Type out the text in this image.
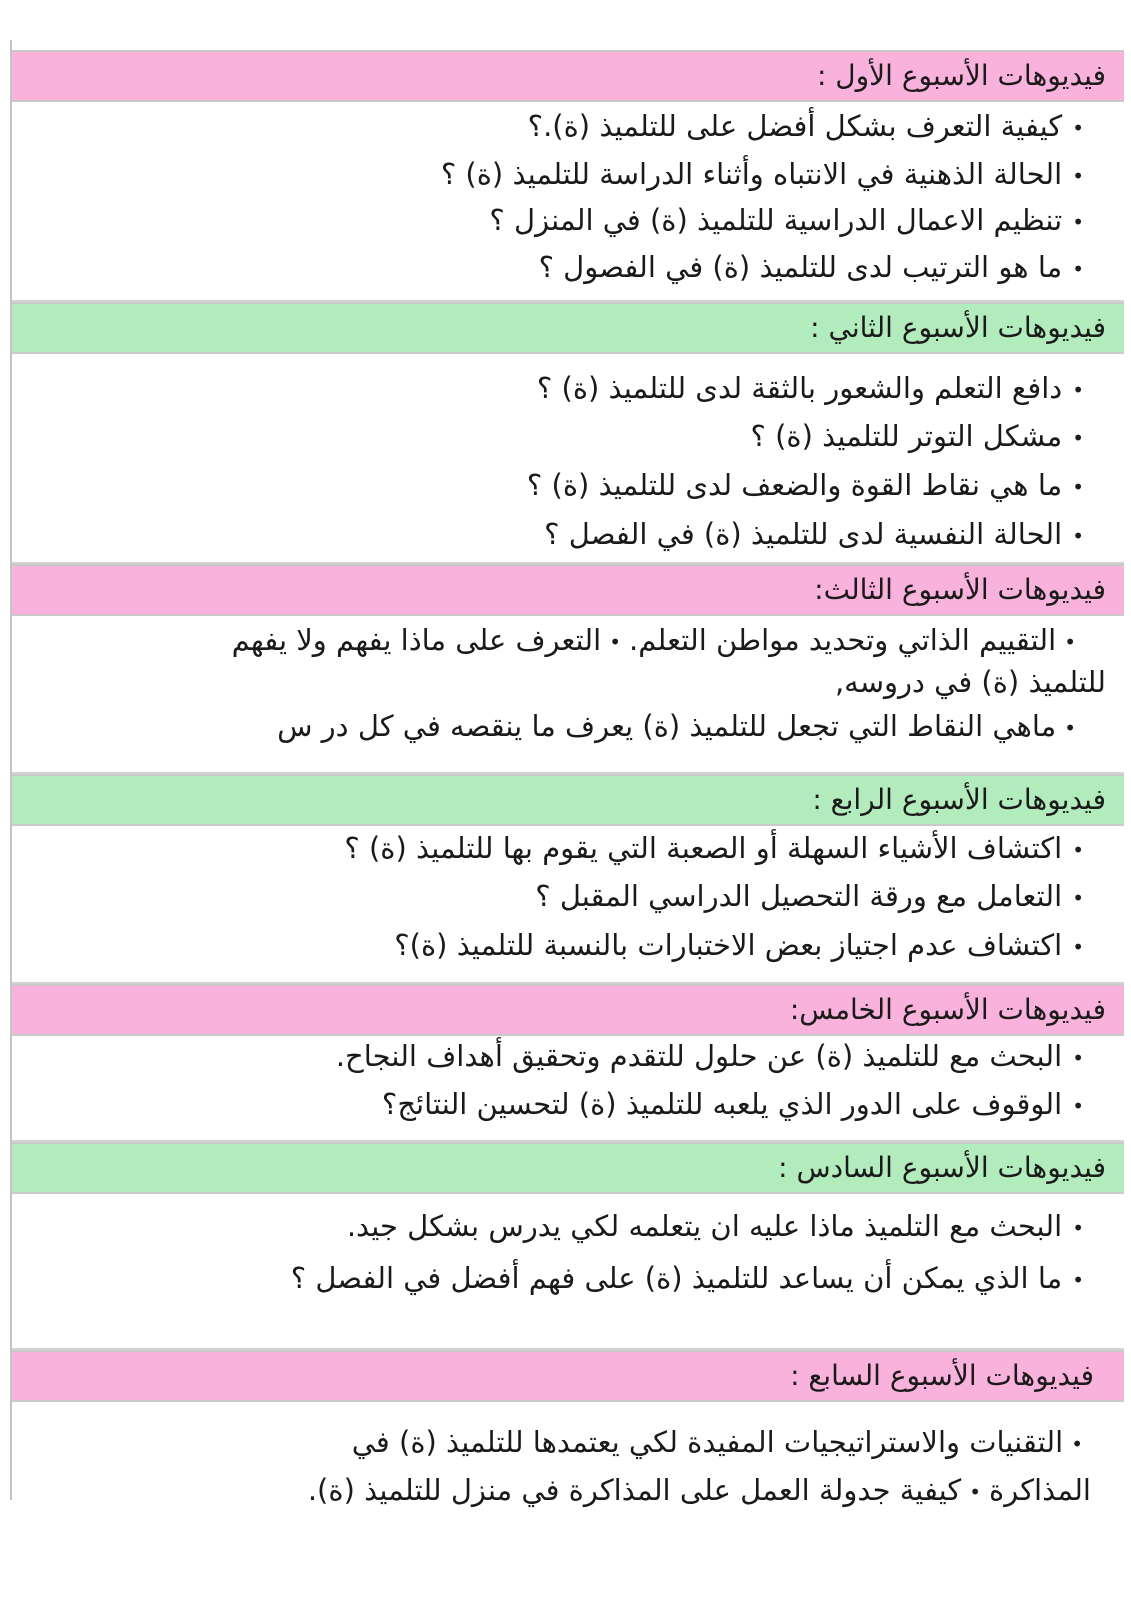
فيديوهات الأسبوع الأول :
•كيفية التعرف بشكل أفضل على للتلميذ (ة).؟
•الحالة الذهنية في الانتباه وأثناء الدراسة للتلميذ (ة) ؟
•تنظيم الاعمال الدراسية للتلميذ (ة) في المنزل ؟
•ما هو الترتيب لدى للتلميذ (ة) في الفصول ؟
فيديوهات الأسبوع الثاني :
•دافع التعلم والشعور بالثقة لدى للتلميذ (ة) ؟
•مشكل التوتر للتلميذ (ة) ؟
•ما هي نقاط القوة والضعف لدى للتلميذ (ة) ؟
•الحالة النفسية لدى للتلميذ (ة) في الفصل ؟
فيديوهات الأسبوع الثالث:
•التقييم الذاتي وتحديد مواطن التعلم.•التعرف على ماذا يفهم ولا يفهم
للتلميذ (ة) في دروسه,
•ماهي النقاط التي تجعل للتلميذ (ة) يعرف ما ينقصه في كل در س
فيديوهات الأسبوع الرابع :
•اكتشاف الأشياء السهلة أو الصعبة التي يقوم بها للتلميذ (ة) ؟
•التعامل مع ورقة التحصيل الدراسي المقبل ؟
•اكتشاف عدم اجتياز بعض الاختبارات بالنسبة للتلميذ (ة)؟
فيديوهات الأسبوع الخامس:
•البحث مع للتلميذ (ة) عن حلول للتقدم وتحقيق أهداف النجاح.
•الوقوف على الدور الذي يلعبه للتلميذ (ة) لتحسين النتائج؟
فيديوهات الأسبوع السادس :
•البحث مع التلميذ ماذا عليه ان يتعلمه لكي يدرس بشكل جيد.
•ما الذي يمكن أن يساعد للتلميذ (ة) على فهم أفضل في الفصل ؟
فيديوهات الأسبوع السابع :
•التقنيات والاستراتيجيات المفيدة لكي يعتمدها للتلميذ (ة) في
المذاكرة•كيفية جدولة العمل على المذاكرة في منزل للتلميذ (ة).
